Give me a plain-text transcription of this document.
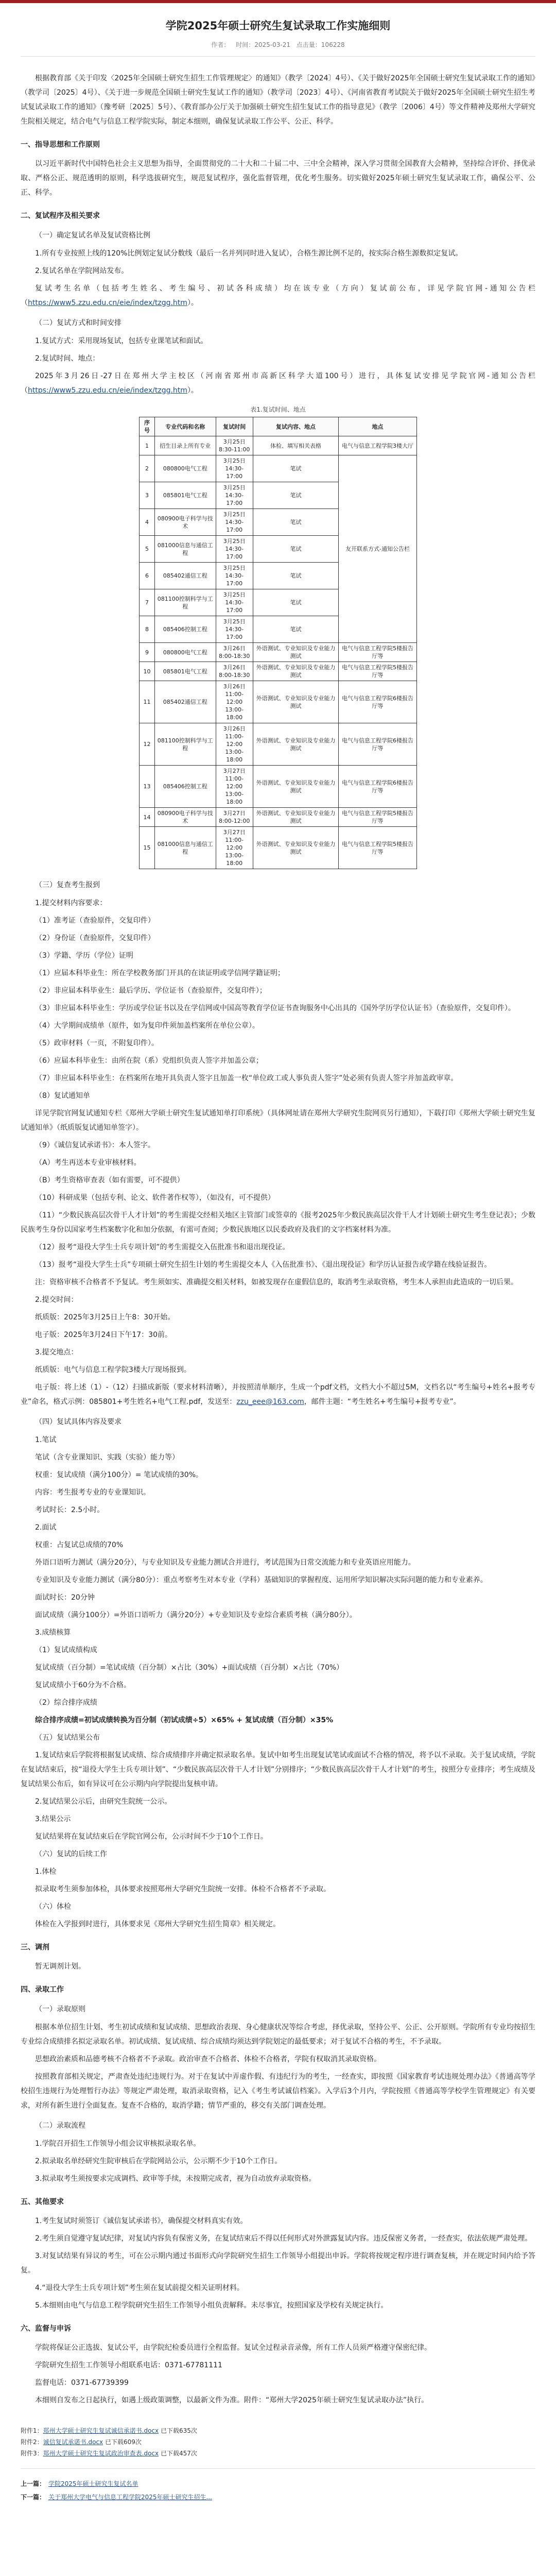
学院2025年硕士研究生复试录取工作实施细则
作者： 时间：2025-03-21 点击量：106228

根据教育部《关于印发〈2025年全国硕士研究生招生工作管理规定〉的通知》（教学〔2024〕4号）、《关于做好2025年全国硕士研究生复试录取工作的通知》（教学司〔2025〕4号）、《关于进一步规范全国硕士研究生复试工作的通知》（教学司〔2023〕4号）、《河南省教育考试院关于做好2025年全国硕士研究生招生考试复试录取工作的通知》（豫考研〔2025〕5号）、《教育部办公厅关于加强硕士研究生招生复试工作的指导意见》（教学〔2006〕4号）等文件精神及郑州大学研究生院相关规定，结合电气与信息工程学院实际，制定本细则，确保复试录取工作公平、公正、科学。

一、指导思想和工作原则

以习近平新时代中国特色社会主义思想为指导，全面贯彻党的二十大和二十届二中、三中全会精神，深入学习贯彻全国教育大会精神，坚持综合评价、择优录取、严格公正、规范透明的原则，科学选拔研究生，规范复试程序，强化监督管理，优化考生服务。切实做好2025年硕士研究生复试录取工作，确保公平、公正、科学。

二、复试程序及相关要求
（一）确定复试名单及复试资格比例

1.所有专业按照上线的120%比例划定复试分数线（最后一名并列同时进入复试），合格生源比例不足的，按实际合格生源数拟定复试。

2.复试名单在学院网站发布。

复试考生名单（包括考生姓名、考生编号、初试各科成绩）均在该专业（方向）复试前公布，详见学院官网-通知公告栏（https://www5.zzu.edu.cn/eie/index/tzgg.htm）。

（二）复试方式和时间安排

1.复试方式：采用现场复试，包括专业课笔试和面试。

2.复试时间、地点：

2025年3月26日-27日在郑州大学主校区（河南省郑州市高新区科学大道100号）进行，具体复试安排见学院官网-通知公告栏（https://www5.zzu.edu.cn/eie/index/tzgg.htm）。

表1.复试时间、地点
序号	专业代码和名称	复试时间	复试内容、地点	地点
1	招生目录上所有专业	3月25日
8:30-11:00	体检、填写相关表格	电气与信息工程学院3楼大厅
2	080800电气工程	3月25日
14:30-17:00	笔试	友开联系方式-通知公告栏
3	085801电气工程	3月25日
14:30-17:00	笔试	
4	080900电子科学与技术	3月25日
14:30-17:00	笔试	
5	081000信息与通信工程	3月25日
14:30-17:00	笔试	
6	085402通信工程	3月25日
14:30-17:00	笔试	
7	081100控制科学与工程	3月25日
14:30-17:00	笔试	
8	085406控制工程	3月25日
14:30-17:00	笔试	
9	080800电气工程	3月26日
8:00-18:30	外语测试、专业知识及专业能力测试	电气与信息工程学院5楼报告厅等
10	085801电气工程	3月26日
8:00-18:30	外语测试、专业知识及专业能力测试	电气与信息工程学院5楼报告厅等
11	085402通信工程	3月26日
11:00-12:00
13:00-18:00	外语测试、专业知识及专业能力测试	电气与信息工程学院6楼报告厅等
12	081100控制科学与工程	3月26日
11:00-12:00
13:00-18:00	外语测试、专业知识及专业能力测试	电气与信息工程学院6楼报告厅等
13	085406控制工程	3月27日
11:00-12:00
13:00-18:00	外语测试、专业知识及专业能力测试	电气与信息工程学院6楼报告厅等
14	080900电子科学与技术	3月27日
8:00-12:00	外语测试、专业知识及专业能力测试	电气与信息工程学院5楼报告厅等
15	081000信息与通信工程	3月27日
11:00-12:00
13:00-18:00	外语测试、专业知识及专业能力测试	电气与信息工程学院5楼报告厅等
（三）复查考生报到

1.提交材料内容要求：

（1）准考证（查验原件，交复印件）

（2）身份证（查验原件，交复印件）

（3）学籍、学历（学位）证明

（1）应届本科毕业生：所在学校教务部门开具的在读证明或学信网学籍证明；

（2）非应届本科毕业生：最后学历、学位证书（查验原件，交复印件）；

（3）非应届本科毕业生：学历或学位证书以及在学信网或中国高等教育学位证书查询服务中心出具的《国外学历学位认证书》（查验原件，交复印件）。

（4）大学期间成绩单（原件，如为复印件须加盖档案所在单位公章）。

（5）政审材料（一页，不附复印件）。

（6）应届本科毕业生：由所在院（系）党组织负责人签字并加盖公章；

（7）非应届本科毕业生：在档案所在地开具负责人签字且加盖一枚“单位政工或人事负责人签字”处必须有负责人签字并加盖政审章。

（8）复试通知单

详见学院官网复试通知专栏《郑州大学硕士研究生复试通知单打印系统》（具体网址请在郑州大学研究生院网页另行通知），下载打印《郑州大学硕士研究生复试通知单》（纸质版复试通知单签字）。

（9）《诚信复试承诺书》：本人签字。

（A）考生再送本专业审核材料。

（B）考生资格审查表（如有需要，可不提供）

（10）科研成果（包括专利、论文、软件著作权等），（如没有，可不提供）

（11）“少数民族高层次骨干人才计划”的考生需提交经相关地区主管部门或签章的《报考2025年少数民族高层次骨干人才计划硕士研究生考生登记表》；少数民族考生身份以国家考生档案数字化和加分依据，有需可查阅；少数民族地区以民委政府及我们的文字档案材料为准。

（12）报考“退役大学生士兵专项计划”的考生需提交入伍批准书和退出现役证。

（13）报考“退役大学生士兵”专项硕士研究生招生计划的考生需提交本人《入伍批准书》、《退出现役证》和学历认证报告或学籍在线验证报告。

注：资格审核不合格者不予复试。考生须如实、准确提交相关材料，如被发现存在虚假信息的，取消考生录取资格，考生本人承担由此造成的一切后果。

2.提交时间：

纸质版：2025年3月25日上午8：30开始。

电子版：2025年3月24日下午17：30前。

3.提交地点：

纸质版：电气与信息工程学院3楼大厅现场报到。

电子版：将上述（1）-（12）扫描成新版（要求材料清晰），并按照清单顺序，生成一个pdf文档，文档大小不超过5M，文档名以“考生编号+姓名+报考专业”命名，格式示例：085801+考生姓名+电气工程.pdf，发送至：zzu_eee@163.com，邮件主题：“考生姓名+考生编号+报考专业”。

（四）复试具体内容及要求

1.笔试

笔试（含专业课知识、实践（实验）能力等）

权重：复试成绩（满分100分）= 笔试成绩的30%。

内容：考生报考专业的专业课知识。

考试时长：2.5小时。

2.面试

权重：占复试总成绩的70%

外语口语听力测试（满分20分），与专业知识及专业能力测试合并进行，考试范围为日常交流能力和专业英语应用能力。

专业知识及专业能力测试（满分80分）：重点考察考生对本专业（学科）基础知识的掌握程度、运用所学知识解决实际问题的能力和专业素养。

面试时长：20分钟

面试成绩（满分100分）=外语口语听力（满分20分）+专业知识及专业综合素质考核（满分80分）。

3.成绩核算

（1）复试成绩构成

复试成绩（百分制）=笔试成绩（百分制）×占比（30%）+面试成绩（百分制）×占比（70%）

复试成绩小于60分为不合格。

（2）综合排序成绩

综合排序成绩=初试成绩转换为百分制（初试成绩÷5）×65% + 复试成绩（百分制）×35%

（五）复试结果公布

1.复试结束后学院将根据复试成绩、综合成绩排序并确定拟录取名单。复试中如考生出现复试笔试或面试不合格的情况，将予以不录取。关于复试成绩，学院在复试结束后，按“退役大学生士兵专项计划”、“少数民族高层次骨干人才计划”分别排序；“少数民族高层次骨干人才计划”的考生，按照分专业排序；考生成绩及复试结果公布后，如有异议可在公示期内向学院提出复核申请。

2.复试结果公示后，由研究生院统一公示。

3.结果公示

复试结果将在复试结束后在学院官网公布，公示时间不少于10个工作日。

（六）复试的后续工作

1.体检

拟录取考生须参加体检，具体要求按照郑州大学研究生院统一安排。体检不合格者不予录取。

（六）体检

体检在入学报到时进行，具体要求见《郑州大学研究生招生简章》相关规定。

三、调剂

暂无调剂计划。

四、录取工作
（一）录取原则

根据本单位招生计划、考生初试成绩和复试成绩、思想政治表现、身心健康状况等综合考虑，择优录取，坚持公平、公正、公开原则。学院所有专业均按招生专业综合成绩排名拟定录取名单。初试成绩、复试成绩、综合成绩均须达到学院划定的最低要求；对于复试不合格的考生，不予录取。

思想政治素质和品德考核不合格者不予录取。政治审查不合格者、体检不合格者，学院有权取消其录取资格。

按照教育部相关规定，严肃查处违纪违规行为。对于在复试中弄虚作假、有违纪行为的考生，一经查实，即按照《国家教育考试违规处理办法》《普通高等学校招生违规行为处理暂行办法》等规定严肃处理，取消录取资格，记入《考生考试诚信档案》。入学后3个月内，学院按照《普通高等学校学生管理规定》有关要求，对所有新生进行全面复查。复查不合格的，取消学籍；情节严重的，移交有关部门调查处理。

（二）录取流程

1.学院召开招生工作领导小组会议审核拟录取名单。

2.拟录取名单经研究生院审核后在学院网站公示，公示期不少于10个工作日。

3.拟录取考生须按要求完成调档、政审等手续，未按期完成者，视为自动放弃录取资格。

五、其他要求

1.考生复试时须签订《诚信复试承诺书》，确保提交材料真实有效。

2.考生须自觉遵守复试纪律，对复试内容负有保密义务，在复试结束后不得以任何形式对外泄露复试内容。违反保密义务者，一经查实，依法依规严肃处理。

3.对复试结果有异议的考生，可在公示期内通过书面形式向学院研究生招生工作领导小组提出申诉。学院将按规定程序进行调查复核，并在规定时间内给予答复。

4.“退役大学生士兵专项计划”考生须在复试前提交相关证明材料。

5.本细则由电气与信息工程学院研究生招生工作领导小组负责解释。未尽事宜，按照国家及学校有关规定执行。

六、监督与申诉

学院将保证公正选拔、复试公平，由学院纪检委员进行全程监督。复试全过程录音录像，所有工作人员须严格遵守保密纪律。

学院研究生招生工作领导小组联系电话：0371-67781111

监督电话：0371-67739399

本细则自发布之日起执行，如遇上级政策调整，以最新文件为准。附件：“郑州大学2025年硕士研究生复试录取办法”执行。

附件1：郑州大学硕士研究生复试诚信承诺书.docx 已下载635次
附件2：诚信复试承诺书.docx 已下载609次
附件3：郑州大学硕士研究生复试政治审查表.docx 已下载457次
上一篇： 学院2025年硕士研究生复试名单
下一篇： 关于郑州大学电气与信息工程学院2025年硕士研究生招生...
